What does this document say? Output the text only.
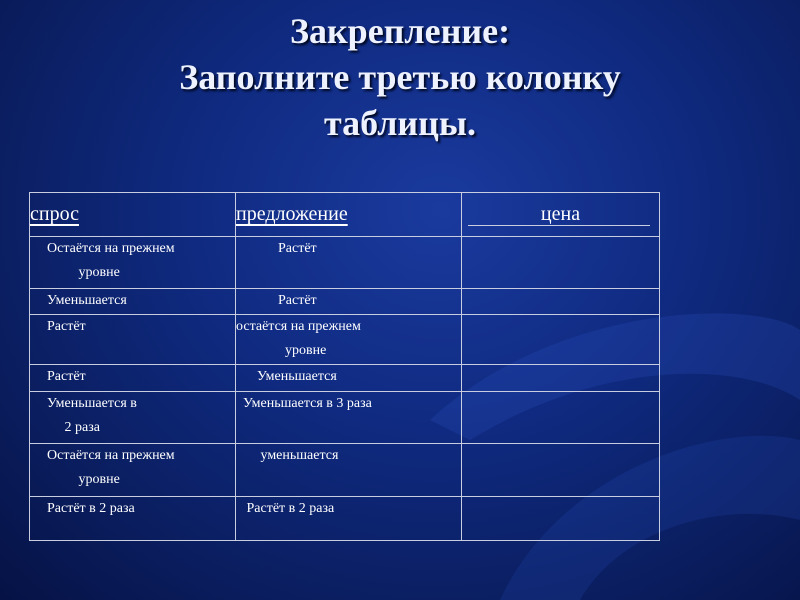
Закрепление:
Заполните третью колонку
таблицы.
спрос	предложение	цена

Остаётся на прежнем
уровне	Растёт	

Уменьшается	Растёт	

Растёт	остаётся на прежнем
уровне	

Растёт	Уменьшается	

Уменьшается в
2 раза	Уменьшается в 3 раза	

Остаётся на прежнем
уровне	уменьшается	

Растёт в 2 раза	Растёт в 2 раза	
